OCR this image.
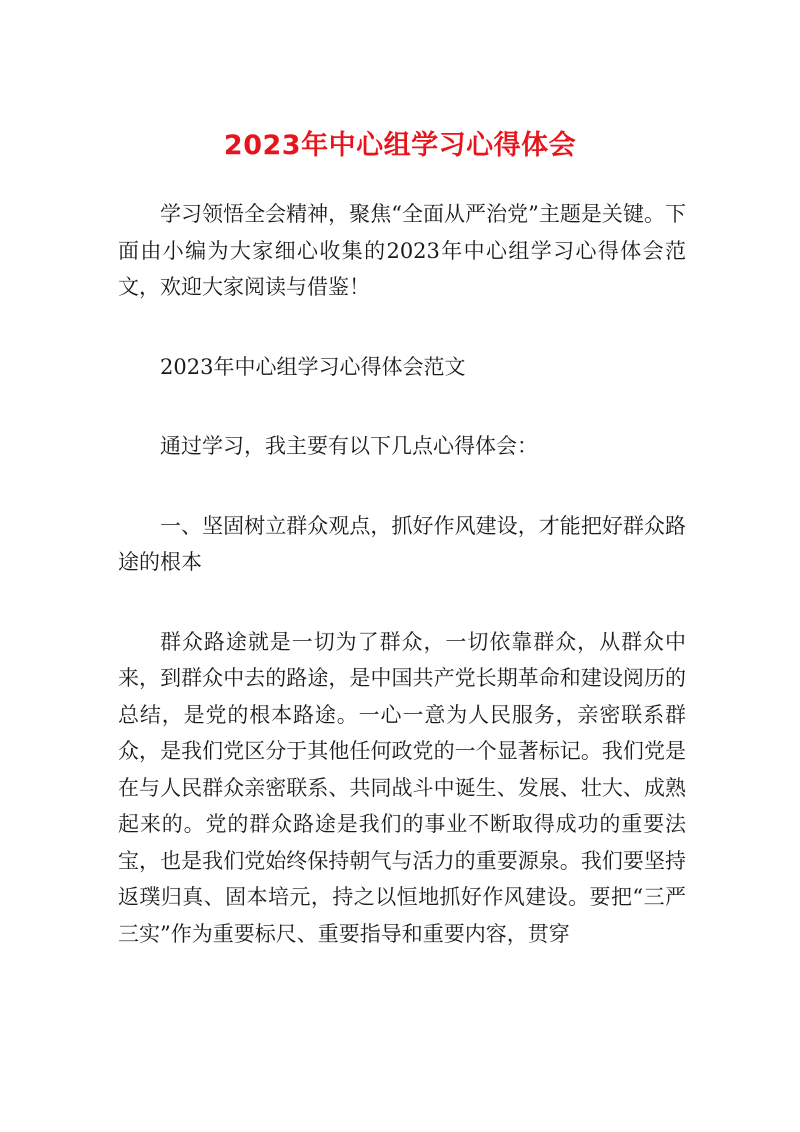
2023年中心组学习心得体会

学习领悟全会精神，聚焦“全面从严治党”主题是关键。下面由小编为大家细心收集的2023年中心组学习心得体会范文，欢迎大家阅读与借鉴！

2023年中心组学习心得体会范文

通过学习，我主要有以下几点心得体会：

一、坚固树立群众观点，抓好作风建设，才能把好群众路途的根本

群众路途就是一切为了群众，一切依靠群众，从群众中来，到群众中去的路途，是中国共产党长期革命和建设阅历的总结，是党的根本路途。一心一意为人民服务，亲密联系群众，是我们党区分于其他任何政党的一个显著标记。我们党是在与人民群众亲密联系、共同战斗中诞生、发展、壮大、成熟起来的。党的群众路途是我们的事业不断取得成功的重要法宝，也是我们党始终保持朝气与活力的重要源泉。我们要坚持返璞归真、固本培元，持之以恒地抓好作风建设。要把“三严三实”作为重要标尺、重要指导和重要内容，贯穿
